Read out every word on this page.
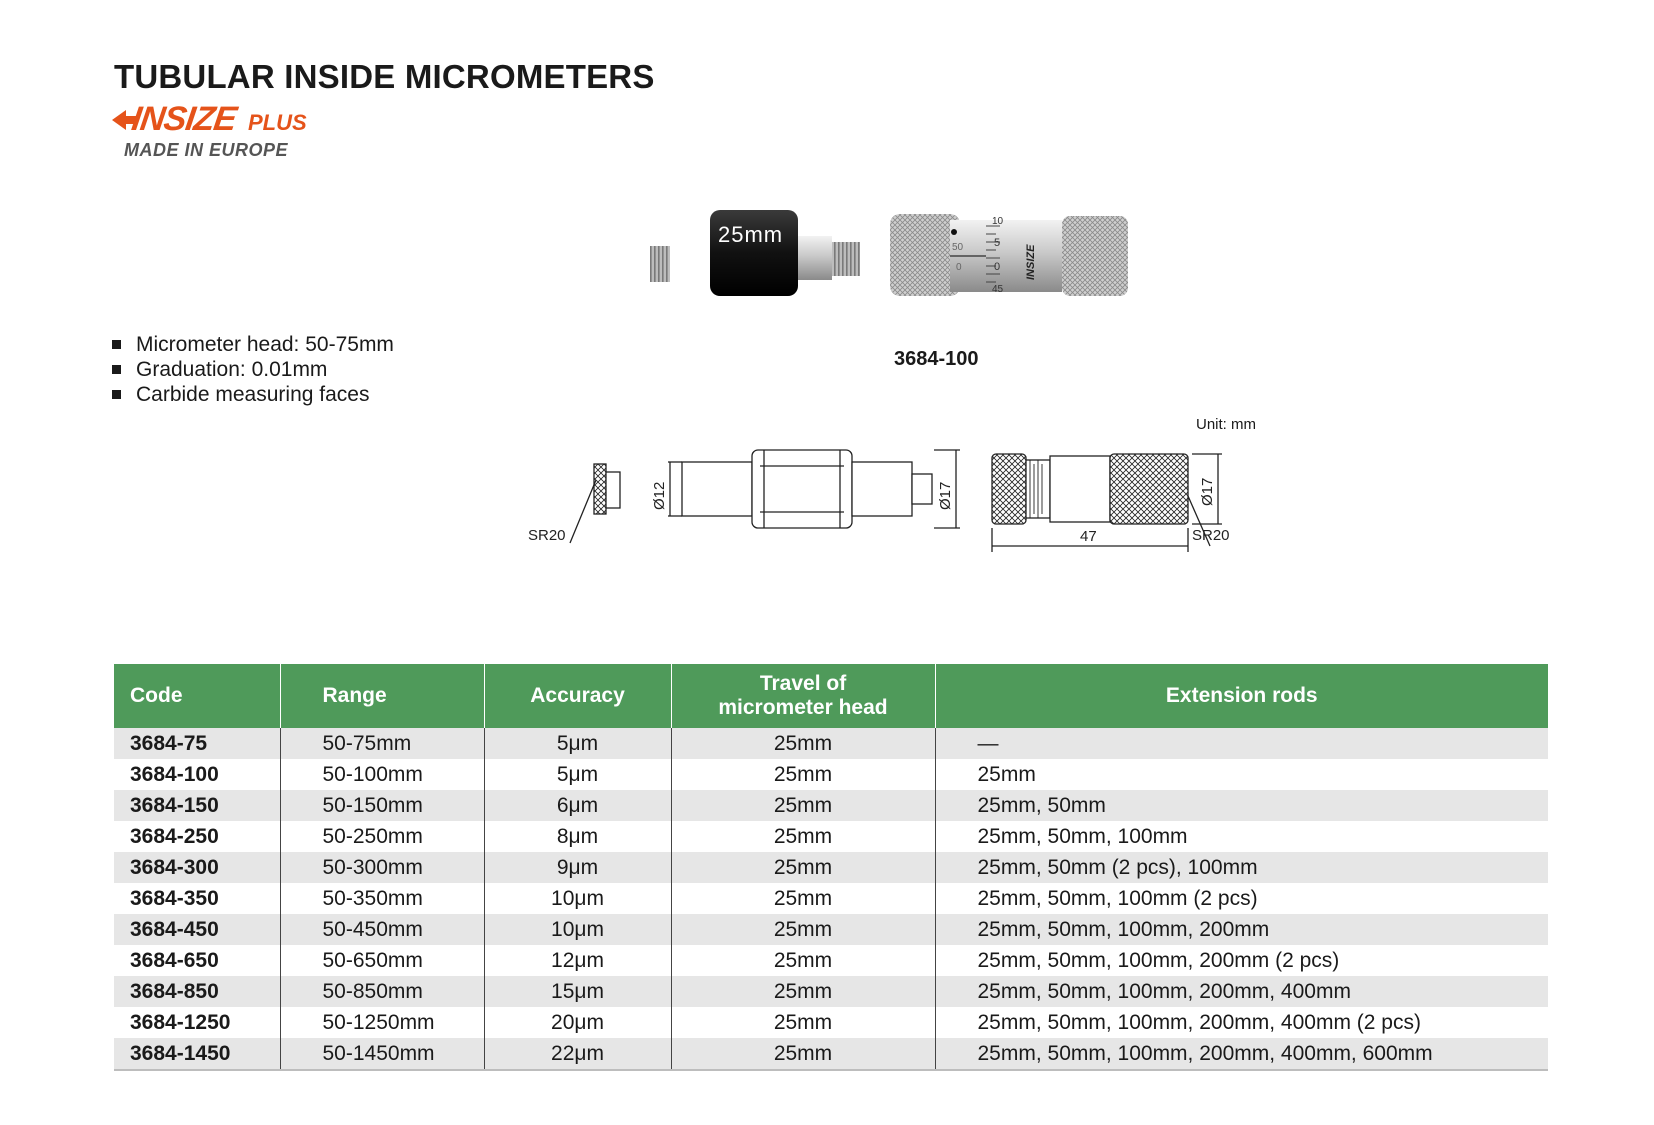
TUBULAR INSIDE MICROMETERS
INSIZE PLUS
MADE IN EUROPE
Micrometer head: 50-75mm
Graduation: 0.01mm
Carbide measuring faces
25mm
10
5
0
45
50
0	INSIZE
3684-100
Unit: mm
SR20
Ø12	Ø17
47
Ø17
SR20
Code	Range	Accuracy	Travel of
micrometer head	Extension rods
3684-75	50-75mm	5μm	25mm	—
3684-100	50-100mm	5μm	25mm	25mm
3684-150	50-150mm	6μm	25mm	25mm, 50mm
3684-250	50-250mm	8μm	25mm	25mm, 50mm, 100mm
3684-300	50-300mm	9μm	25mm	25mm, 50mm (2 pcs), 100mm
3684-350	50-350mm	10μm	25mm	25mm, 50mm, 100mm (2 pcs)
3684-450	50-450mm	10μm	25mm	25mm, 50mm, 100mm, 200mm
3684-650	50-650mm	12μm	25mm	25mm, 50mm, 100mm, 200mm (2 pcs)
3684-850	50-850mm	15μm	25mm	25mm, 50mm, 100mm, 200mm, 400mm
3684-1250	50-1250mm	20μm	25mm	25mm, 50mm, 100mm, 200mm, 400mm (2 pcs)
3684-1450	50-1450mm	22μm	25mm	25mm, 50mm, 100mm, 200mm, 400mm, 600mm
